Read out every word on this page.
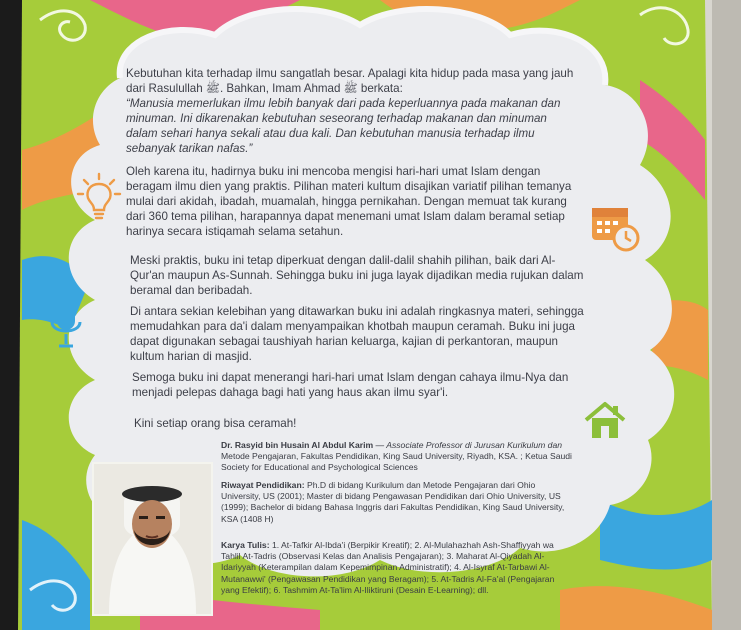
Kebutuhan kita terhadap ilmu sangatlah besar. Apalagi kita hidup pada masa yang jauh
dari Rasulullah ﷺ. Bahkan, Imam Ahmad ﷺ berkata:
“Manusia memerlukan ilmu lebih banyak dari pada keperluannya pada makanan dan
minuman. Ini dikarenakan kebutuhan seseorang terhadap makanan dan minuman
dalam sehari hanya sekali atau dua kali. Dan kebutuhan manusia terhadap ilmu
sebanyak tarikan nafas.”
Oleh karena itu, hadirnya buku ini mencoba mengisi hari-hari umat Islam dengan
beragam ilmu dien yang praktis. Pilihan materi kultum disajikan variatif pilihan temanya
mulai dari akidah, ibadah, muamalah, hingga pernikahan. Dengan memuat tak kurang
dari 360 tema pilihan, harapannya dapat menemani umat Islam dalam beramal setiap
harinya secara istiqamah selama setahun.
Meski praktis, buku ini tetap diperkuat dengan dalil-dalil shahih pilihan, baik dari Al-
Qur'an maupun As-Sunnah. Sehingga buku ini juga layak dijadikan media rujukan dalam
beramal dan beribadah.
Di antara sekian kelebihan yang ditawarkan buku ini adalah ringkasnya materi, sehingga
memudahkan para da'i dalam menyampaikan khotbah maupun ceramah. Buku ini juga
dapat digunakan sebagai taushiyah harian keluarga, kajian di perkantoran, maupun
kultum harian di masjid.
Semoga buku ini dapat menerangi hari-hari umat Islam dengan cahaya ilmu-Nya dan
menjadi pelepas dahaga bagi hati yang haus akan ilmu syar'i.
Kini setiap orang bisa ceramah!
Dr. Rasyid bin Husain Al Abdul Karim — Associate Professor di Jurusan Kurikulum dan
Metode Pengajaran, Fakultas Pendidikan, King Saud University, Riyadh, KSA. ; Ketua Saudi
Society for Educational and Psychological Sciences
Riwayat Pendidikan: Ph.D di bidang Kurikulum dan Metode Pengajaran dari Ohio
University, US (2001); Master di bidang Pengawasan Pendidikan dari Ohio University, US
(1999); Bachelor di bidang Bahasa Inggris dari Fakultas Pendidikan, King Saud University,
KSA (1408 H)
Karya Tulis: 1. At-Tafkir Al-Ibda'i (Berpikir Kreatif); 2. Al-Mulahazhah Ash-Shaffiyyah wa
Tahlil At-Tadris (Observasi Kelas dan Analisis Pengajaran); 3. Maharat Al-Qiyadah Al-
Idariyyah (Keterampilan dalam Kepemimpinan Administratif); 4. Al-Isyraf At-Tarbawi Al-
Mutanawwi' (Pengawasan Pendidikan yang Beragam); 5. At-Tadris Al-Fa'al (Pengajaran
yang Efektif); 6. Tashmim At-Ta'lim Al-Iliktiruni (Desain E-Learning); dll.
